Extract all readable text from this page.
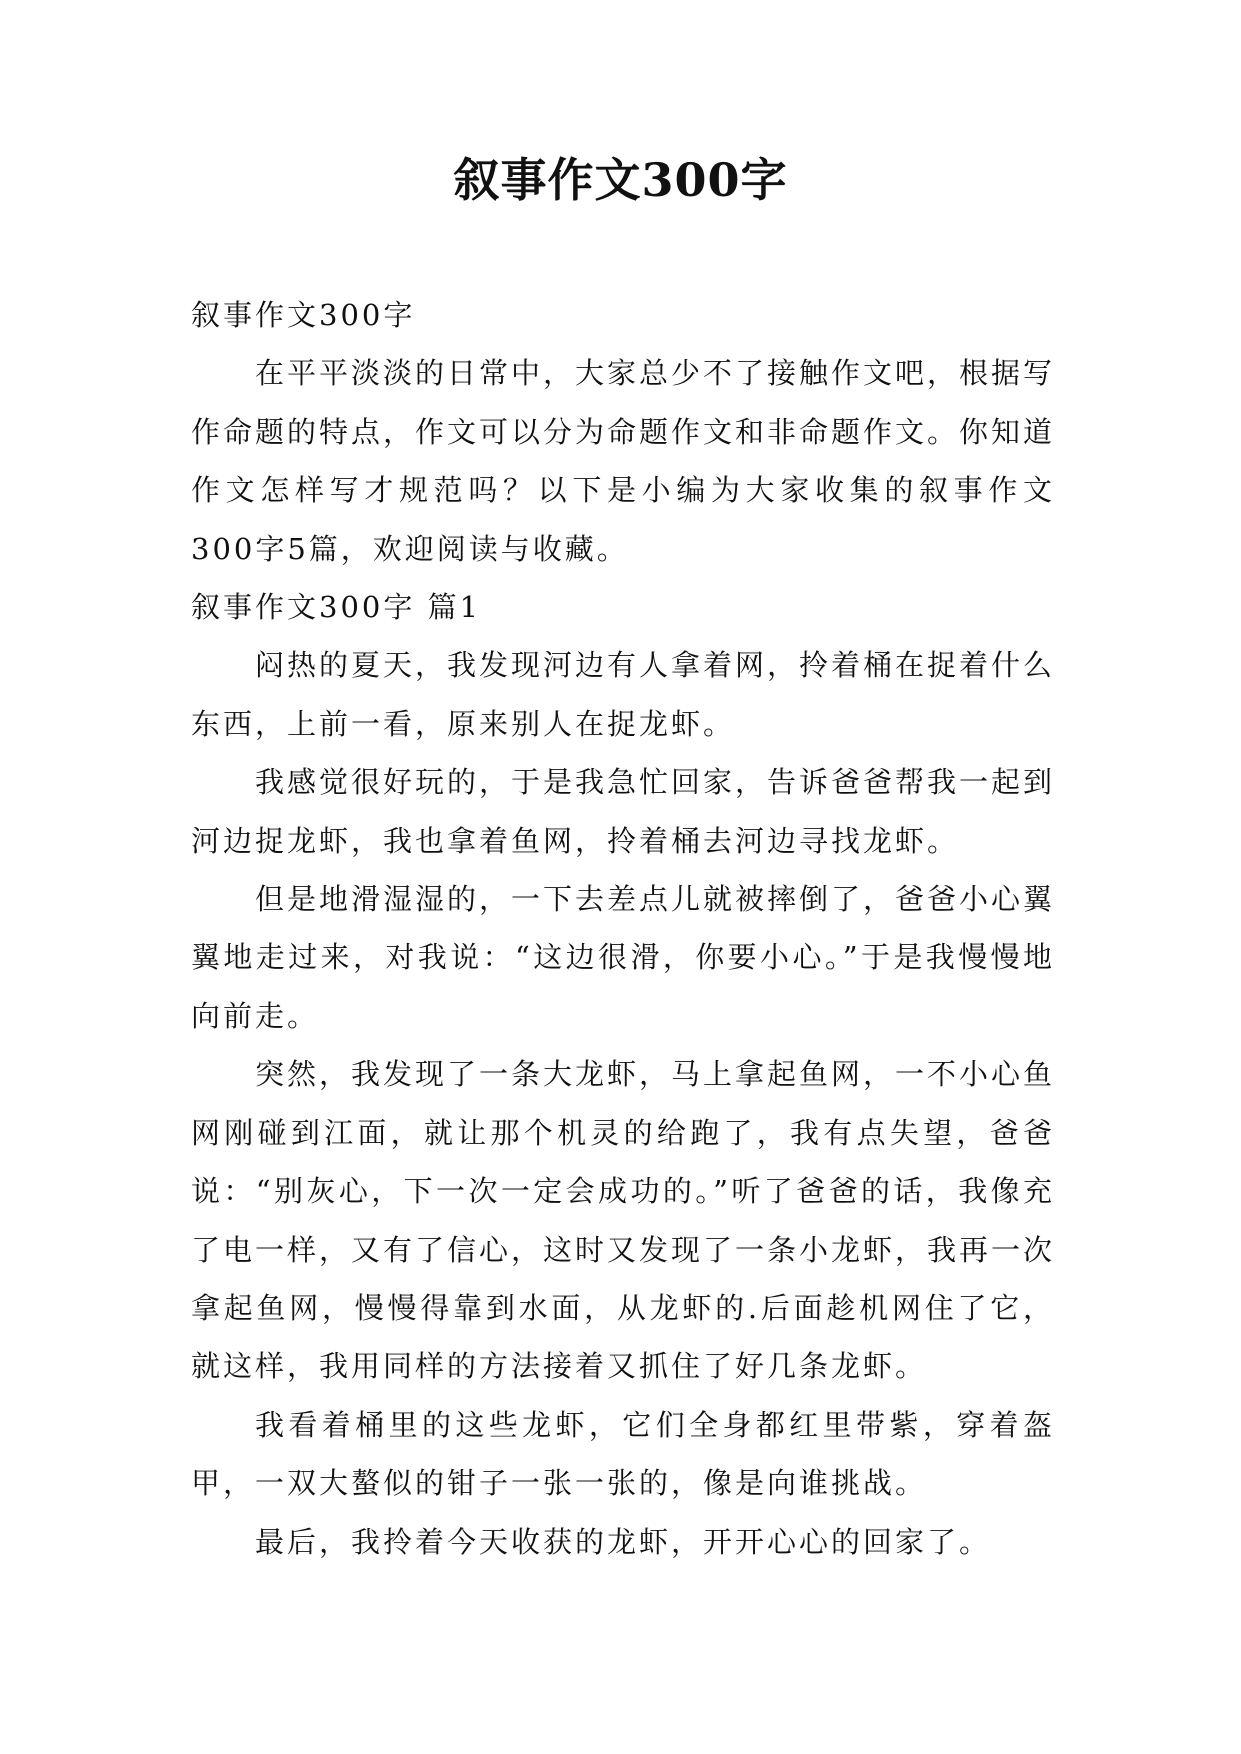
叙事作文300字

叙事作文300字

在平平淡淡的日常中，大家总少不了接触作文吧，根据写作命题的特点，作文可以分为命题作文和非命题作文。你知道作文怎样写才规范吗？以下是小编为大家收集的叙事作文300字5篇，欢迎阅读与收藏。

叙事作文300字 篇1

闷热的夏天，我发现河边有人拿着网，拎着桶在捉着什么东西，上前一看，原来别人在捉龙虾。

我感觉很好玩的，于是我急忙回家，告诉爸爸帮我一起到河边捉龙虾，我也拿着鱼网，拎着桶去河边寻找龙虾。

但是地滑湿湿的，一下去差点儿就被摔倒了，爸爸小心翼翼地走过来，对我说：“这边很滑，你要小心。”于是我慢慢地向前走。

突然，我发现了一条大龙虾，马上拿起鱼网，一不小心鱼网刚碰到江面，就让那个机灵的给跑了，我有点失望，爸爸说：“别灰心，下一次一定会成功的。”听了爸爸的话，我像充了电一样，又有了信心，这时又发现了一条小龙虾，我再一次拿起鱼网，慢慢得靠到水面，从龙虾的.后面趁机网住了它，就这样，我用同样的方法接着又抓住了好几条龙虾。

我看着桶里的这些龙虾，它们全身都红里带紫，穿着盔甲，一双大螯似的钳子一张一张的，像是向谁挑战。

最后，我拎着今天收获的龙虾，开开心心的回家了。
